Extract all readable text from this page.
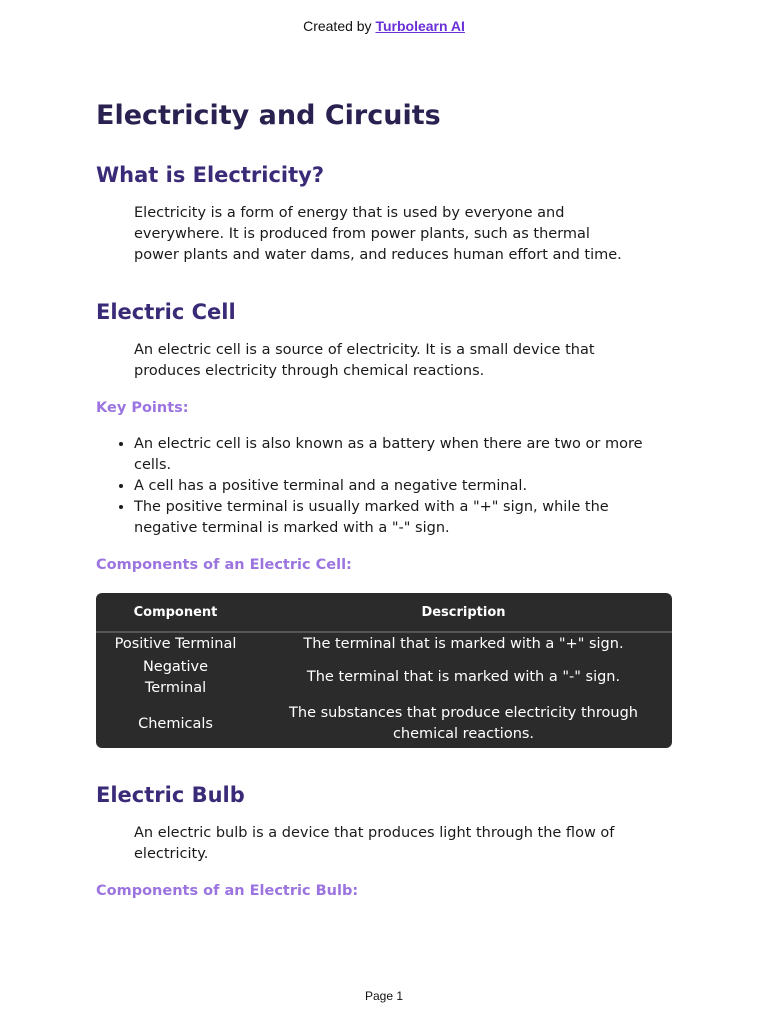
Created by Turbolearn AI
Electricity and Circuits
What is Electricity?

Electricity is a form of energy that is used by everyone and everywhere. It is produced from power plants, such as thermal power plants and water dams, and reduces human effort and time.

Electric Cell

An electric cell is a source of electricity. It is a small device that produces electricity through chemical reactions.

Key Points:
• An electric cell is also known as a battery when there are two or more cells.
• A cell has a positive terminal and a negative terminal.
• The positive terminal is usually marked with a "+" sign, while the negative terminal is marked with a "-" sign.
Components of an Electric Cell:
Component	Description
Positive Terminal	The terminal that is marked with a "+" sign.
Negative Terminal	The terminal that is marked with a "-" sign.
Chemicals	The substances that produce electricity through chemical reactions.
Electric Bulb

An electric bulb is a device that produces light through the flow of electricity.

Components of an Electric Bulb:
Page 1
